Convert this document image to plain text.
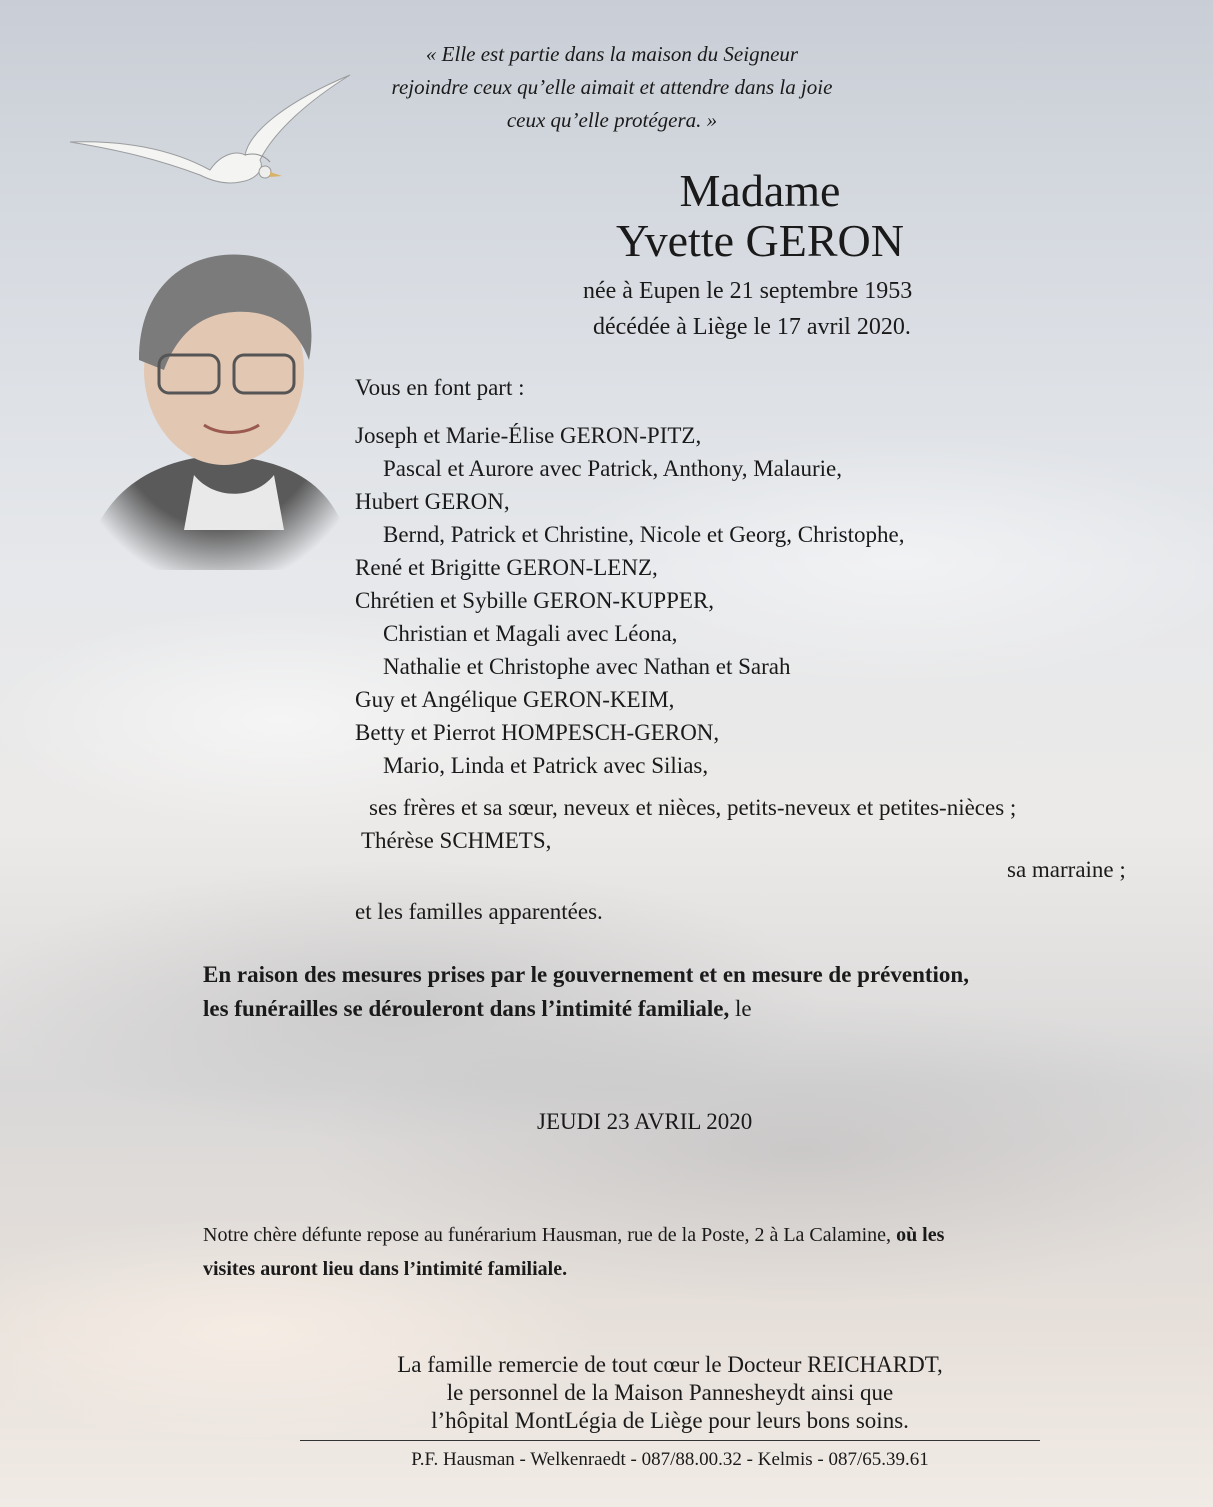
« Elle est partie dans la maison du Seigneur
rejoindre ceux qu’elle aimait et attendre dans la joie
ceux qu’elle protégera. »
Madame
Yvette GERON
née à Eupen le 21 septembre 1953
décédée à Liège le 17 avril 2020.
Vous en font part :
Joseph et Marie-Élise GERON-PITZ,
Pascal et Aurore avec Patrick, Anthony, Malaurie,
Hubert GERON,
Bernd, Patrick et Christine, Nicole et Georg, Christophe,
René et Brigitte GERON-LENZ,
Chrétien et Sybille GERON-KUPPER,
Christian et Magali avec Léona,
Nathalie et Christophe avec Nathan et Sarah
Guy et Angélique GERON-KEIM,
Betty et Pierrot HOMPESCH-GERON,
Mario, Linda et Patrick avec Silias,
ses frères et sa sœur, neveux et nièces, petits-neveux et petites-nièces ;
Thérèse SCHMETS,
sa marraine ;
et les familles apparentées.
En raison des mesures prises par le gouvernement et en mesure de prévention,
les funérailles se dérouleront dans l’intimité familiale, le
JEUDI 23 AVRIL 2020
Notre chère défunte repose au funérarium Hausman, rue de la Poste, 2 à La Calamine, où les
visites auront lieu dans l’intimité familiale.
La famille remercie de tout cœur le Docteur REICHARDT,
le personnel de la Maison Pannesheydt ainsi que
l’hôpital MontLégia de Liège pour leurs bons soins.
P.F. Hausman - Welkenraedt - 087/88.00.32 - Kelmis - 087/65.39.61
